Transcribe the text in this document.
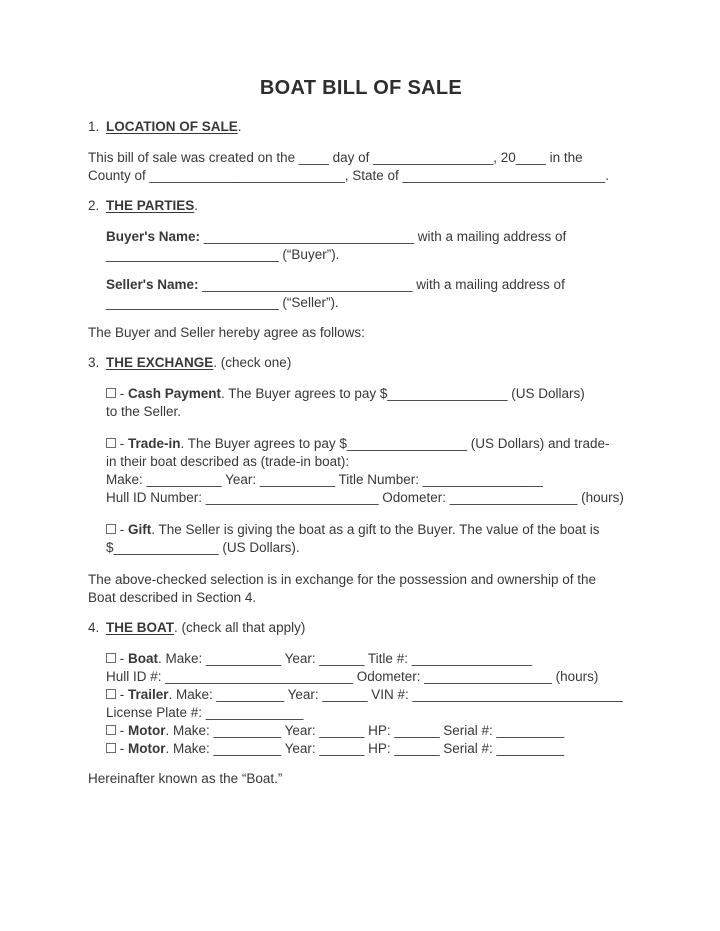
BOAT BILL OF SALE
1. LOCATION OF SALE.
This bill of sale was created on the ____ day of ________________, 20____ in the
County of __________________________, State of ___________________________.
2. THE PARTIES.
Buyer's Name: ____________________________ with a mailing address of
_______________________ (“Buyer”).
Seller's Name: ____________________________ with a mailing address of
_______________________ (“Seller”).
The Buyer and Seller hereby agree as follows:
3. THE EXCHANGE. (check one)
- Cash Payment. The Buyer agrees to pay $________________ (US Dollars)
to the Seller.
- Trade-in. The Buyer agrees to pay $________________ (US Dollars) and trade-
in their boat described as (trade-in boat):
Make: __________ Year: __________ Title Number: ________________
Hull ID Number: _______________________ Odometer: _________________ (hours)
- Gift. The Seller is giving the boat as a gift to the Buyer. The value of the boat is
$______________ (US Dollars).
The above-checked selection is in exchange for the possession and ownership of the
Boat described in Section 4.
4. THE BOAT. (check all that apply)
- Boat. Make: __________ Year: ______ Title #: ________________
Hull ID #: _________________________ Odometer: _________________ (hours)
- Trailer. Make: _________ Year: ______ VIN #: ____________________________
License Plate #: _____________
- Motor. Make: _________ Year: ______ HP: ______ Serial #: _________
- Motor. Make: _________ Year: ______ HP: ______ Serial #: _________
Hereinafter known as the “Boat.”
